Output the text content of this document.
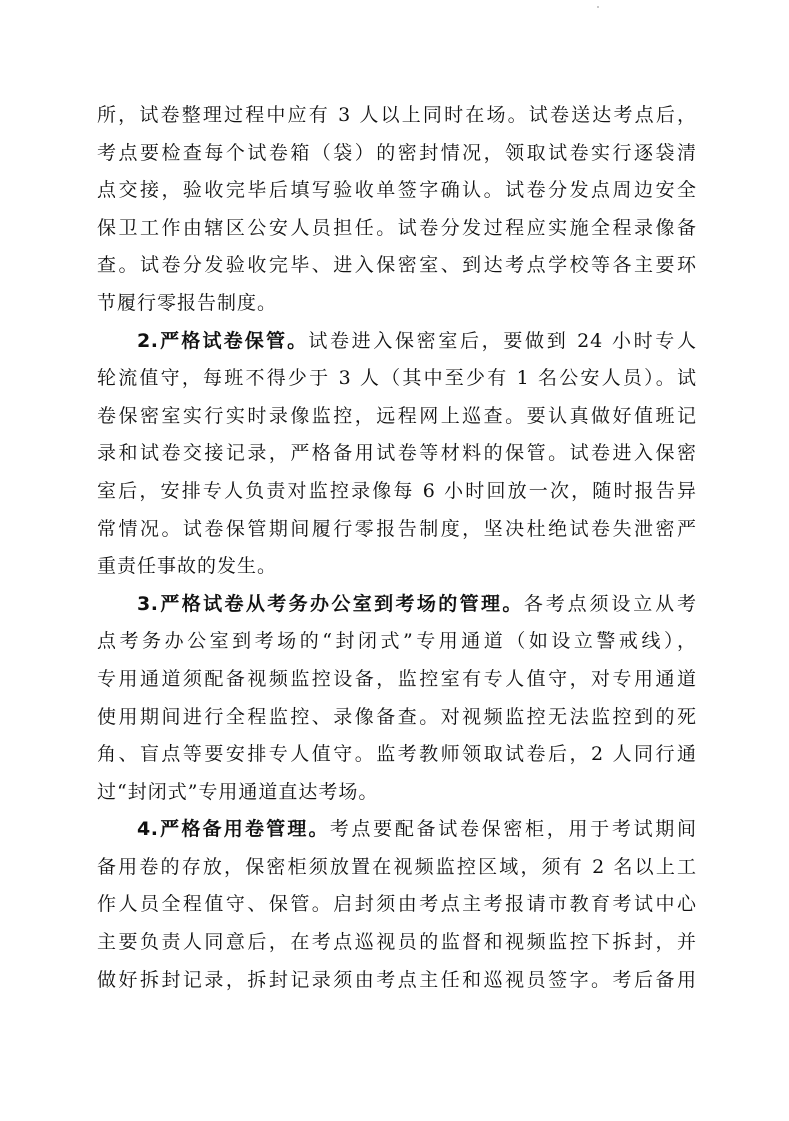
所，试卷整理过程中应有 3 人以上同时在场。试卷送达考点后，
考点要检查每个试卷箱（袋）的密封情况，领取试卷实行逐袋清
点交接，验收完毕后填写验收单签字确认。试卷分发点周边安全
保卫工作由辖区公安人员担任。试卷分发过程应实施全程录像备
查。试卷分发验收完毕、进入保密室、到达考点学校等各主要环
节履行零报告制度。
2.严格试卷保管。试卷进入保密室后，要做到 24 小时专人
轮流值守，每班不得少于 3 人（其中至少有 1 名公安人员）。试
卷保密室实行实时录像监控，远程网上巡查。要认真做好值班记
录和试卷交接记录，严格备用试卷等材料的保管。试卷进入保密
室后，安排专人负责对监控录像每 6 小时回放一次，随时报告异
常情况。试卷保管期间履行零报告制度，坚决杜绝试卷失泄密严
重责任事故的发生。
3.严格试卷从考务办公室到考场的管理。各考点须设立从考
点考务办公室到考场的“封闭式”专用通道（如设立警戒线），
专用通道须配备视频监控设备，监控室有专人值守，对专用通道
使用期间进行全程监控、录像备查。对视频监控无法监控到的死
角、盲点等要安排专人值守。监考教师领取试卷后，2 人同行通
过“封闭式”专用通道直达考场。
4.严格备用卷管理。考点要配备试卷保密柜，用于考试期间
备用卷的存放，保密柜须放置在视频监控区域，须有 2 名以上工
作人员全程值守、保管。启封须由考点主考报请市教育考试中心
主要负责人同意后，在考点巡视员的监督和视频监控下拆封，并
做好拆封记录，拆封记录须由考点主任和巡视员签字。考后备用
